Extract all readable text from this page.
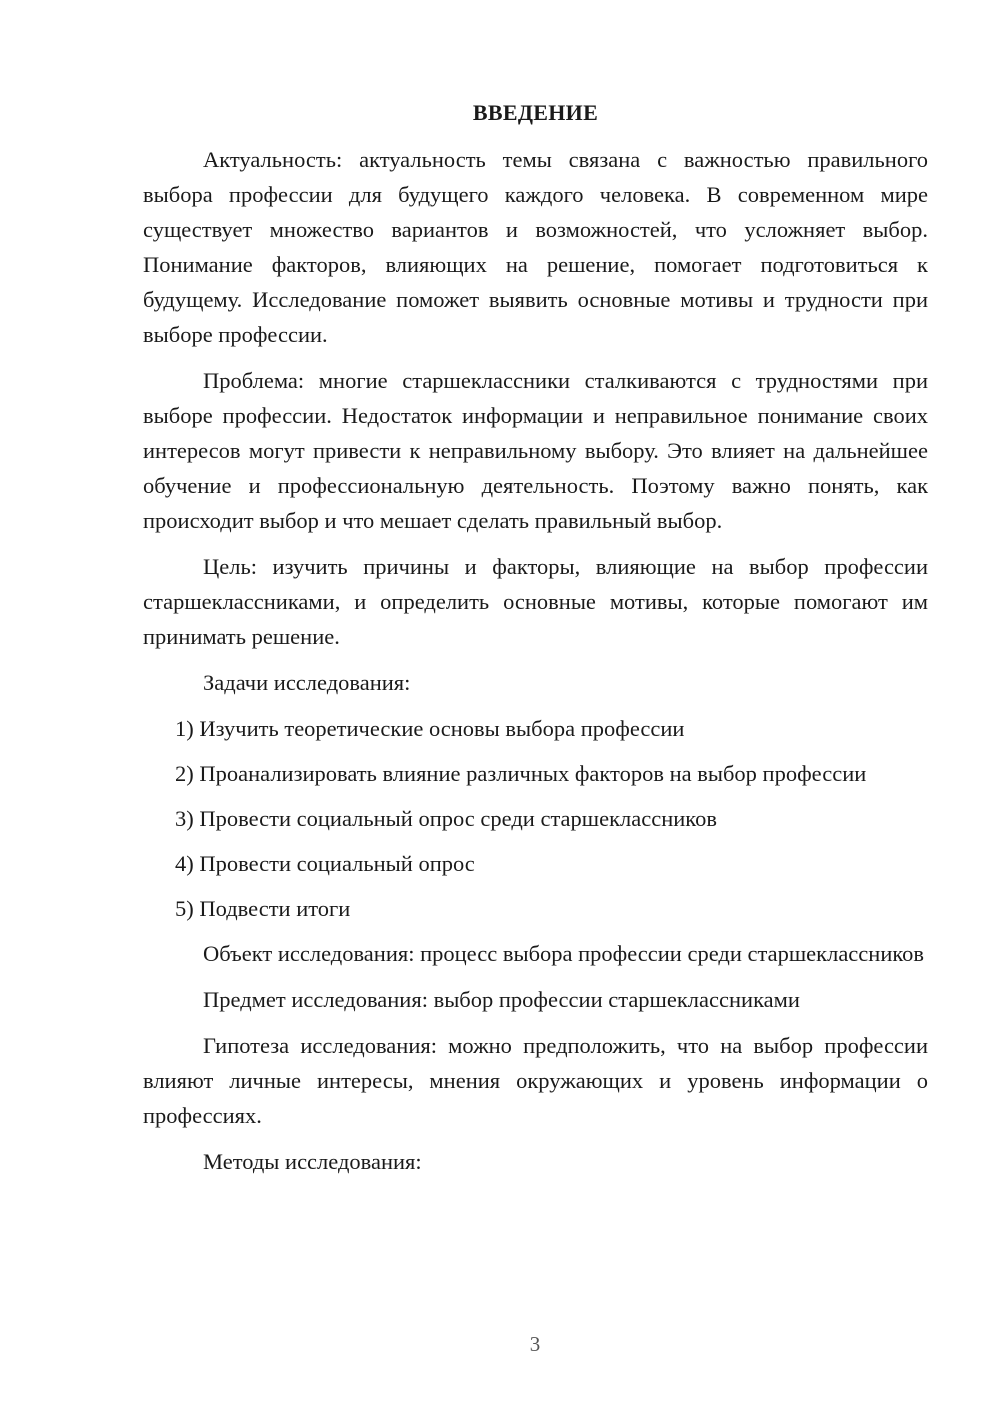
ВВЕДЕНИЕ

Актуальность: актуальность темы связана с важностью правильного выбора профессии для будущего каждого человека. В современном мире существует множество вариантов и возможностей, что усложняет выбор. Понимание факторов, влияющих на решение, помогает подготовиться к будущему. Исследование поможет выявить основные мотивы и трудности при выборе профессии.

Проблема: многие старшеклассники сталкиваются с трудностями при выборе профессии. Недостаток информации и неправильное понимание своих интересов могут привести к неправильному выбору. Это влияет на дальнейшее обучение и профессиональную деятельность. Поэтому важно понять, как происходит выбор и что мешает сделать правильный выбор.

Цель: изучить причины и факторы, влияющие на выбор профессии старшеклассниками, и определить основные мотивы, которые помогают им принимать решение.

Задачи исследования:

1) Изучить теоретические основы выбора профессии

2) Проанализировать влияние различных факторов на выбор профессии

3) Провести социальный опрос среди старшеклассников

4) Провести социальный опрос

5) Подвести итоги

Объект исследования: процесс выбора профессии среди старшеклассников

Предмет исследования: выбор профессии старшеклассниками

Гипотеза исследования: можно предположить, что на выбор профессии влияют личные интересы, мнения окружающих и уровень информации о профессиях.

Методы исследования:

3
